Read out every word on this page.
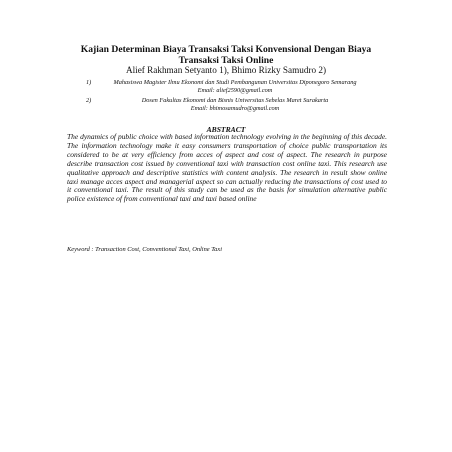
Kajian Determinan Biaya Transaksi Taksi Konvensional Dengan Biaya

Transaksi Taksi Online

Alief Rakhman Setyanto 1), Bhimo Rizky Samudro 2)

1)	Mahasiswa Magister Ilmu Ekonomi dan Studi Pembangunan Universitas Diponegoro Semarang
Email: alief2590@gmail.com
2)	Dosen Fakultas Ekonomi dan Bisnis Universitas Sebelas Maret Surakarta
Email: bhimosamudro@gmail.com

ABSTRACT

The dynamics of public choice with based information technology evolving in the beginning of this decade. The information technology make it easy consumers transportation of choice public transportation its considered to be at very efficiency from acces of aspect and cost of aspect. The research in purpose describe transaction cost issued by conventional taxi with transaction cost online taxi. This research use qualitative approach and descriptive statistics with content analysis. The research in result show online taxi manage acces aspect and managerial aspect so can actually reducing the transactions of cost used to it conventional taxi. The result of this study can be used as the basis for simulation alternative public police existence of from conventional taxi and taxi based online

Keyword : Transaction Cost, Conventional Taxi, Online Taxi
